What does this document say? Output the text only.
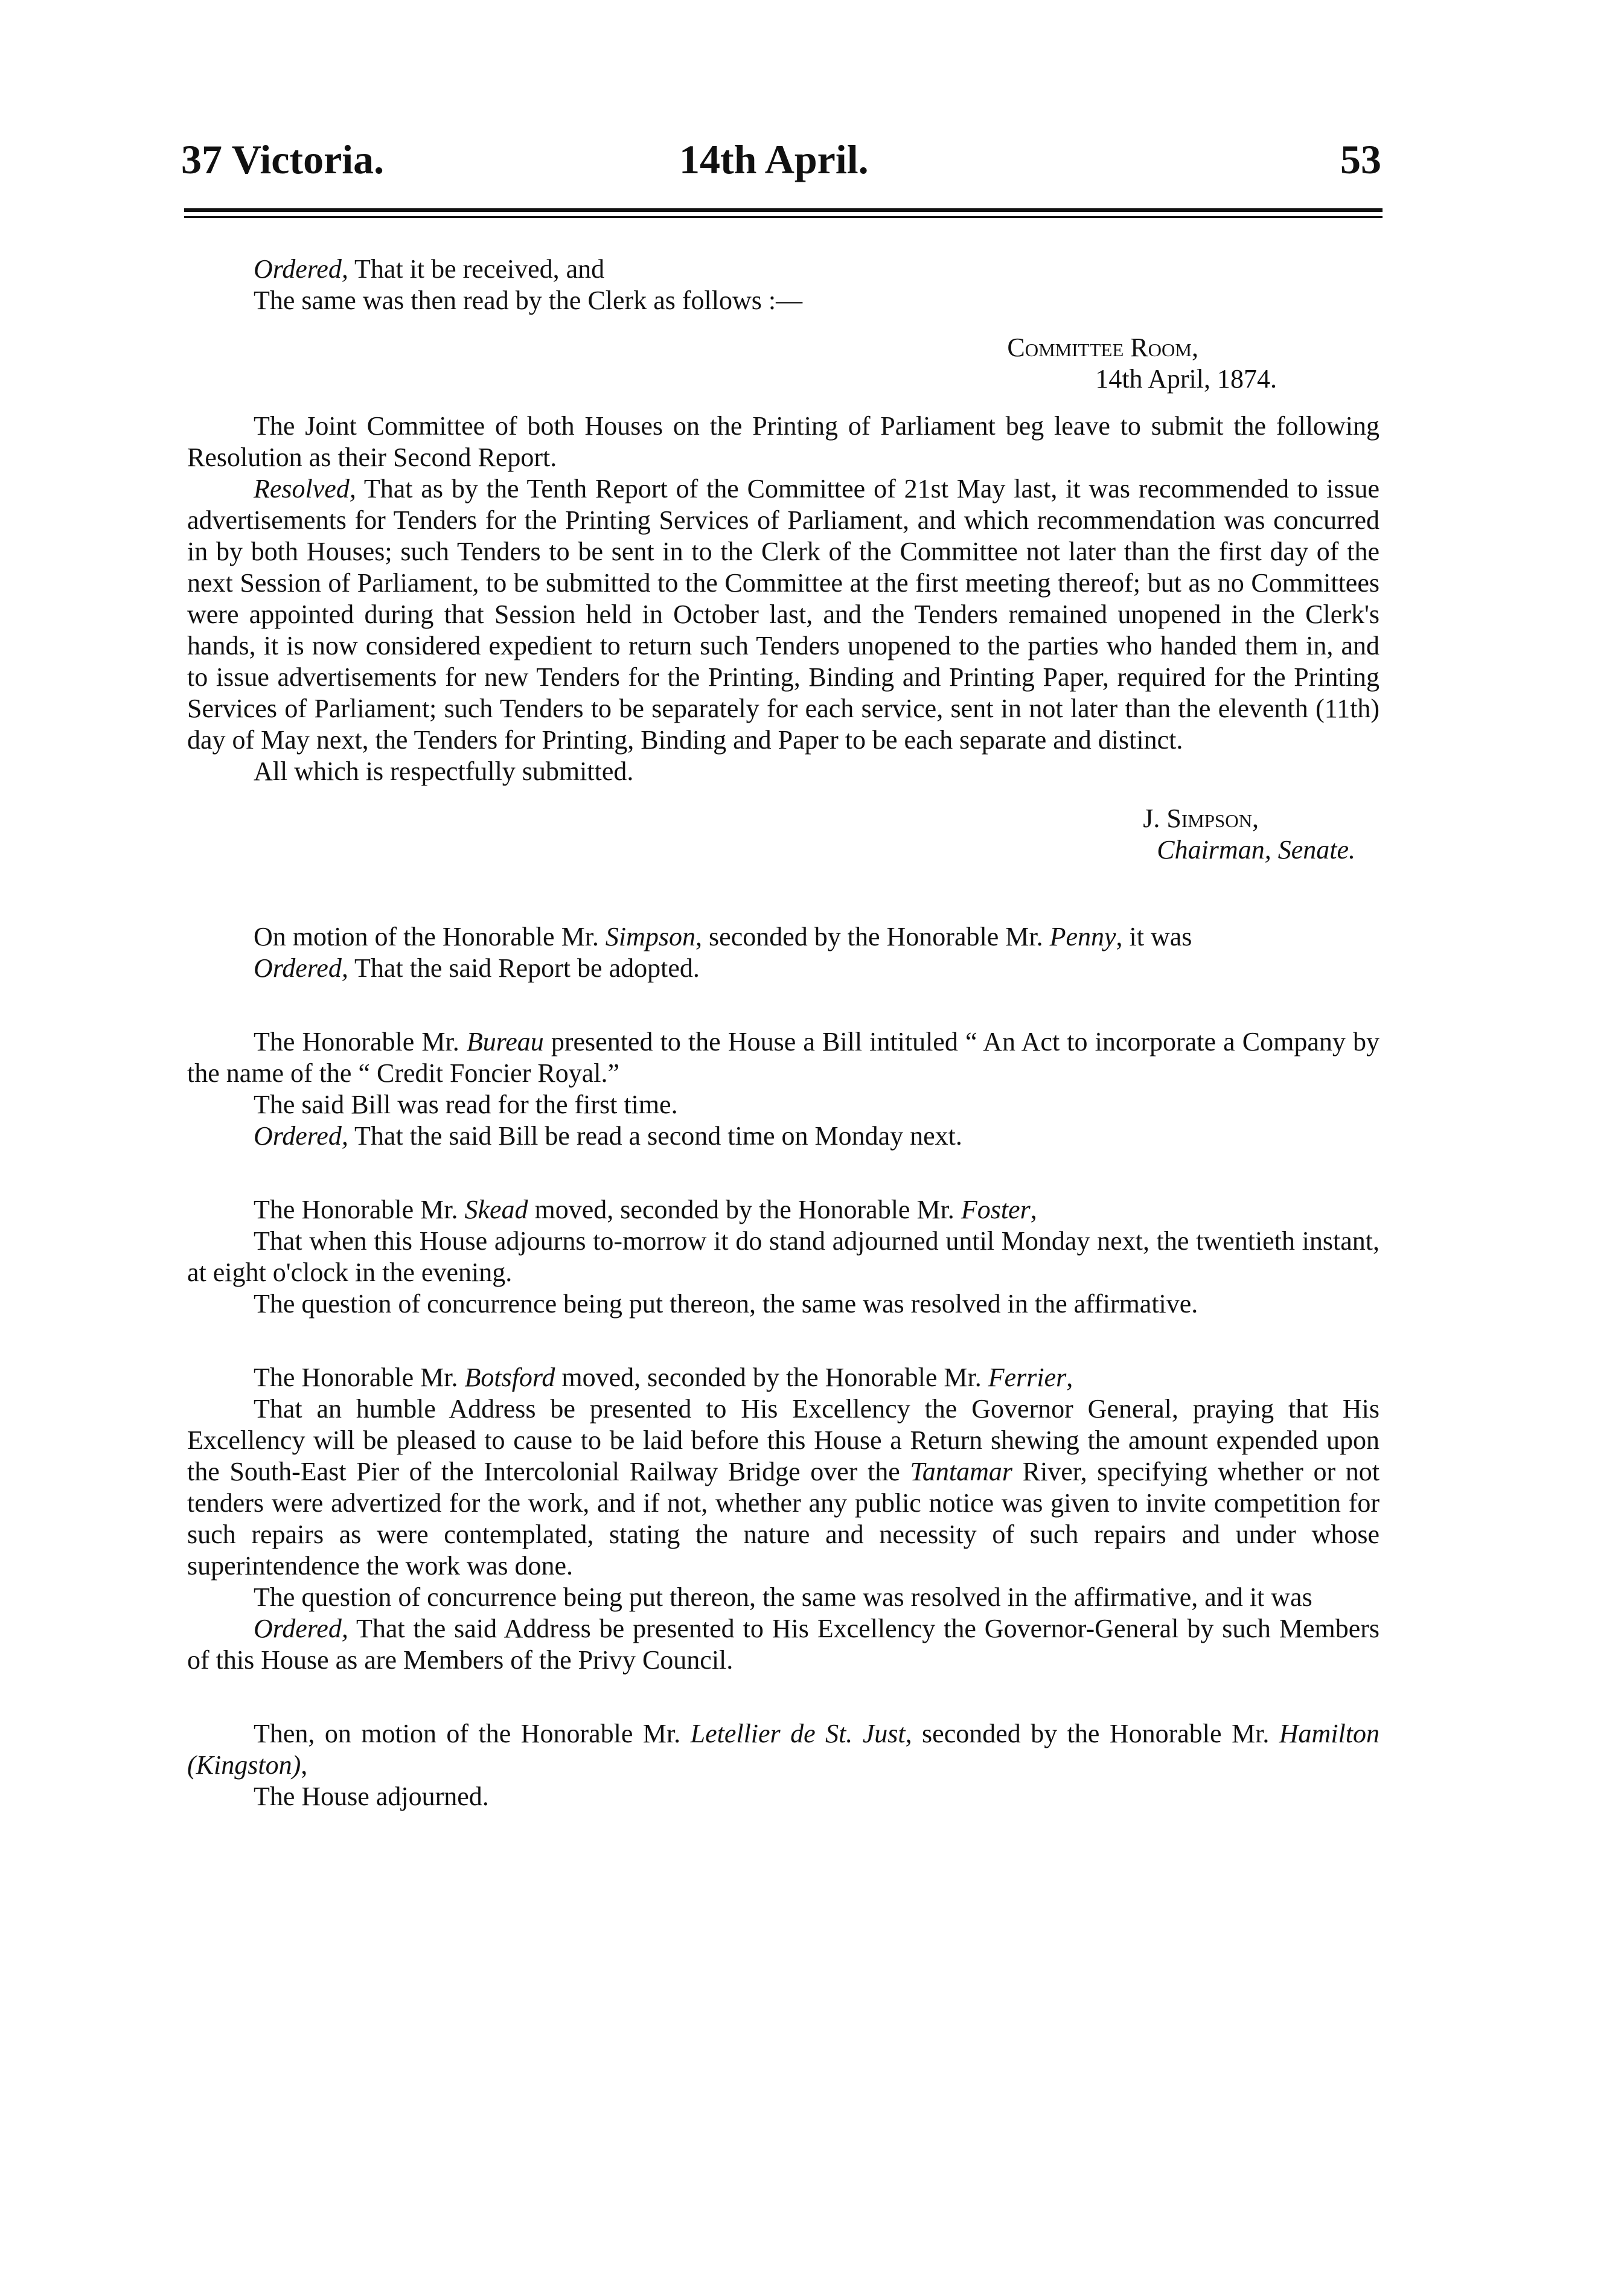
37 Victoria.	14th April.	53

Ordered, That it be received, and

The same was then read by the Clerk as follows :—

Committee Room,
14th April, 1874.

The Joint Committee of both Houses on the Printing of Parliament beg leave to submit the following Resolution as their Second Report.

Resolved, That as by the Tenth Report of the Committee of 21st May last, it was recommended to issue advertisements for Tenders for the Printing Services of Parliament, and which recommendation was concurred in by both Houses; such Tenders to be sent in to the Clerk of the Committee not later than the first day of the next Session of Parliament, to be submitted to the Committee at the first meeting thereof; but as no Committees were appointed during that Session held in October last, and the Tenders remained unopened in the Clerk's hands, it is now considered expedient to return such Tenders unopened to the parties who handed them in, and to issue advertisements for new Tenders for the Printing, Binding and Printing Paper, required for the Printing Services of Parliament; such Tenders to be separately for each service, sent in not later than the eleventh (11th) day of May next, the Tenders for Printing, Binding and Paper to be each separate and distinct.

All which is respectfully submitted.

J. Simpson,
Chairman, Senate.

On motion of the Honorable Mr. Simpson, seconded by the Honorable Mr. Penny, it was

Ordered, That the said Report be adopted.

The Honorable Mr. Bureau presented to the House a Bill intituled “ An Act to incorporate a Company by the name of the “ Credit Foncier Royal.”

The said Bill was read for the first time.

Ordered, That the said Bill be read a second time on Monday next.

The Honorable Mr. Skead moved, seconded by the Honorable Mr. Foster,

That when this House adjourns to-morrow it do stand adjourned until Monday next, the twentieth instant, at eight o'clock in the evening.

The question of concurrence being put thereon, the same was resolved in the affirmative.

The Honorable Mr. Botsford moved, seconded by the Honorable Mr. Ferrier,

That an humble Address be presented to His Excellency the Governor General, praying that His Excellency will be pleased to cause to be laid before this House a Return shewing the amount expended upon the South-East Pier of the Intercolonial Railway Bridge over the Tantamar River, specifying whether or not tenders were advertized for the work, and if not, whether any public notice was given to invite competition for such repairs as were contemplated, stating the nature and necessity of such repairs and under whose superintendence the work was done.

The question of concurrence being put thereon, the same was resolved in the affirmative, and it was

Ordered, That the said Address be presented to His Excellency the Governor-General by such Members of this House as are Members of the Privy Council.

Then, on motion of the Honorable Mr. Letellier de St. Just, seconded by the Honorable Mr. Hamilton (Kingston),

The House adjourned.
